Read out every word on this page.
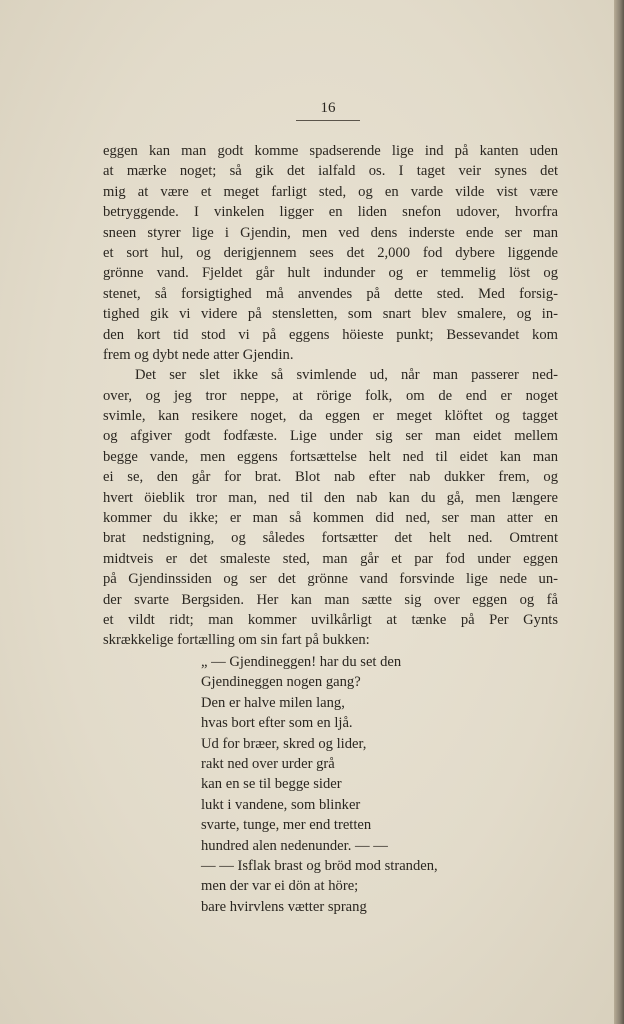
16
eggen kan man godt komme spadserende lige ind på kanten uden
at mærke noget; så gik det ialfald os. I taget veir synes det
mig at være et meget farligt sted, og en varde vilde vist være
betryggende. I vinkelen ligger en liden snefon udover, hvorfra
sneen styrer lige i Gjendin, men ved dens inderste ende ser man
et sort hul, og derigjennem sees det 2,000 fod dybere liggende
grönne vand. Fjeldet går hult indunder og er temmelig löst og
stenet, så forsigtighed må anvendes på dette sted. Med forsig-
tighed gik vi videre på stensletten, som snart blev smalere, og in-
den kort tid stod vi på eggens höieste punkt; Bessevandet kom
frem og dybt nede atter Gjendin.
Det ser slet ikke så svimlende ud, når man passerer ned-
over, og jeg tror neppe, at rörige folk, om de end er noget
svimle, kan resikere noget, da eggen er meget klöftet og tagget
og afgiver godt fodfæste. Lige under sig ser man eidet mellem
begge vande, men eggens fortsættelse helt ned til eidet kan man
ei se, den går for brat. Blot nab efter nab dukker frem, og
hvert öieblik tror man, ned til den nab kan du gå, men længere
kommer du ikke; er man så kommen did ned, ser man atter en
brat nedstigning, og således fortsætter det helt ned. Omtrent
midtveis er det smaleste sted, man går et par fod under eggen
på Gjendinssiden og ser det grönne vand forsvinde lige nede un-
der svarte Bergsiden. Her kan man sætte sig over eggen og få
et vildt ridt; man kommer uvilkårligt at tænke på Per Gynts
skrækkelige fortælling om sin fart på bukken:
„ — Gjendineggen! har du set den
Gjendineggen nogen gang?
Den er halve milen lang,
hvas bort efter som en ljå.
Ud for bræer, skred og lider,
rakt ned over urder grå
kan en se til begge sider
lukt i vandene, som blinker
svarte, tunge, mer end tretten
hundred alen nedenunder. — —
— — Isflak brast og bröd mod stranden,
men der var ei dön at höre;
bare hvirvlens vætter sprang
